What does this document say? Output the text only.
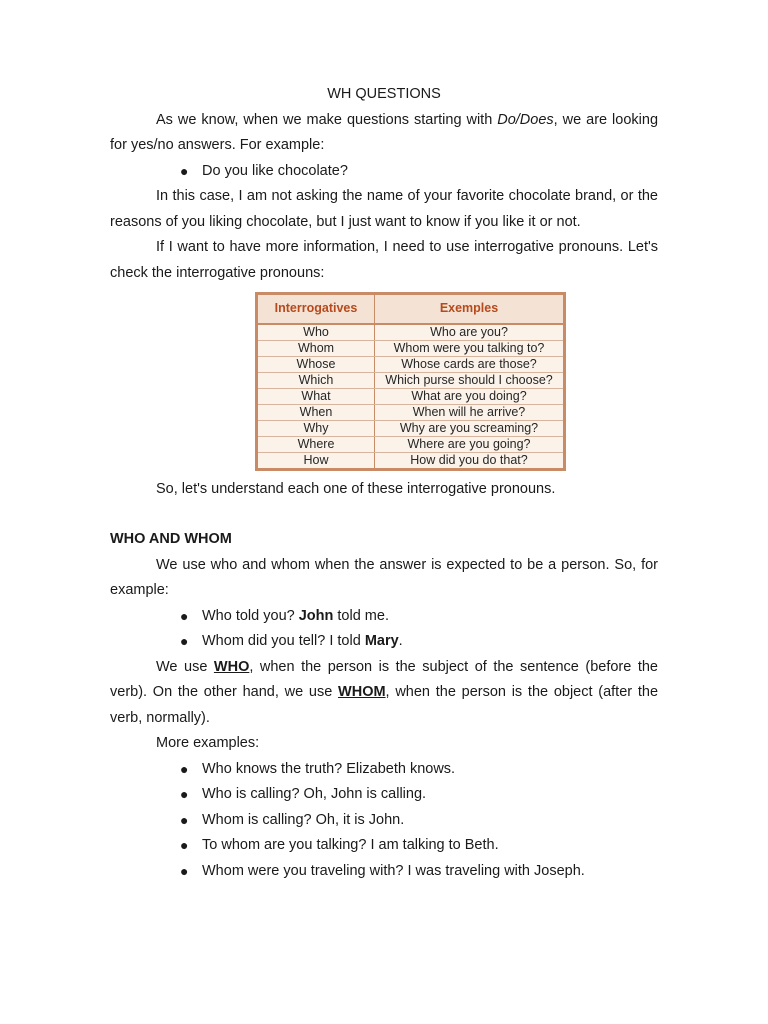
WH QUESTIONS

As we know, when we make questions starting with Do/Does, we are looking for yes/no answers. For example:

● Do you like chocolate?

In this case, I am not asking the name of your favorite chocolate brand, or the reasons of you liking chocolate, but I just want to know if you like it or not.

If I want to have more information, I need to use interrogative pronouns. Let's check the interrogative pronouns:

Interrogatives	Exemples
Who	Who are you?
Whom	Whom were you talking to?
Whose	Whose cards are those?
Which	Which purse should I choose?
What	What are you doing?
When	When will he arrive?
Why	Why are you screaming?
Where	Where are you going?
How	How did you do that?

So, let's understand each one of these interrogative pronouns.

WHO AND WHOM

We use who and whom when the answer is expected to be a person. So, for example:

● Who told you? John told me.
● Whom did you tell? I told Mary.

We use WHO, when the person is the subject of the sentence (before the verb). On the other hand, we use WHOM, when the person is the object (after the verb, normally).

More examples:

● Who knows the truth? Elizabeth knows.
● Who is calling? Oh, John is calling.
● Whom is calling? Oh, it is John.
● To whom are you talking? I am talking to Beth.
● Whom were you traveling with? I was traveling with Joseph.
